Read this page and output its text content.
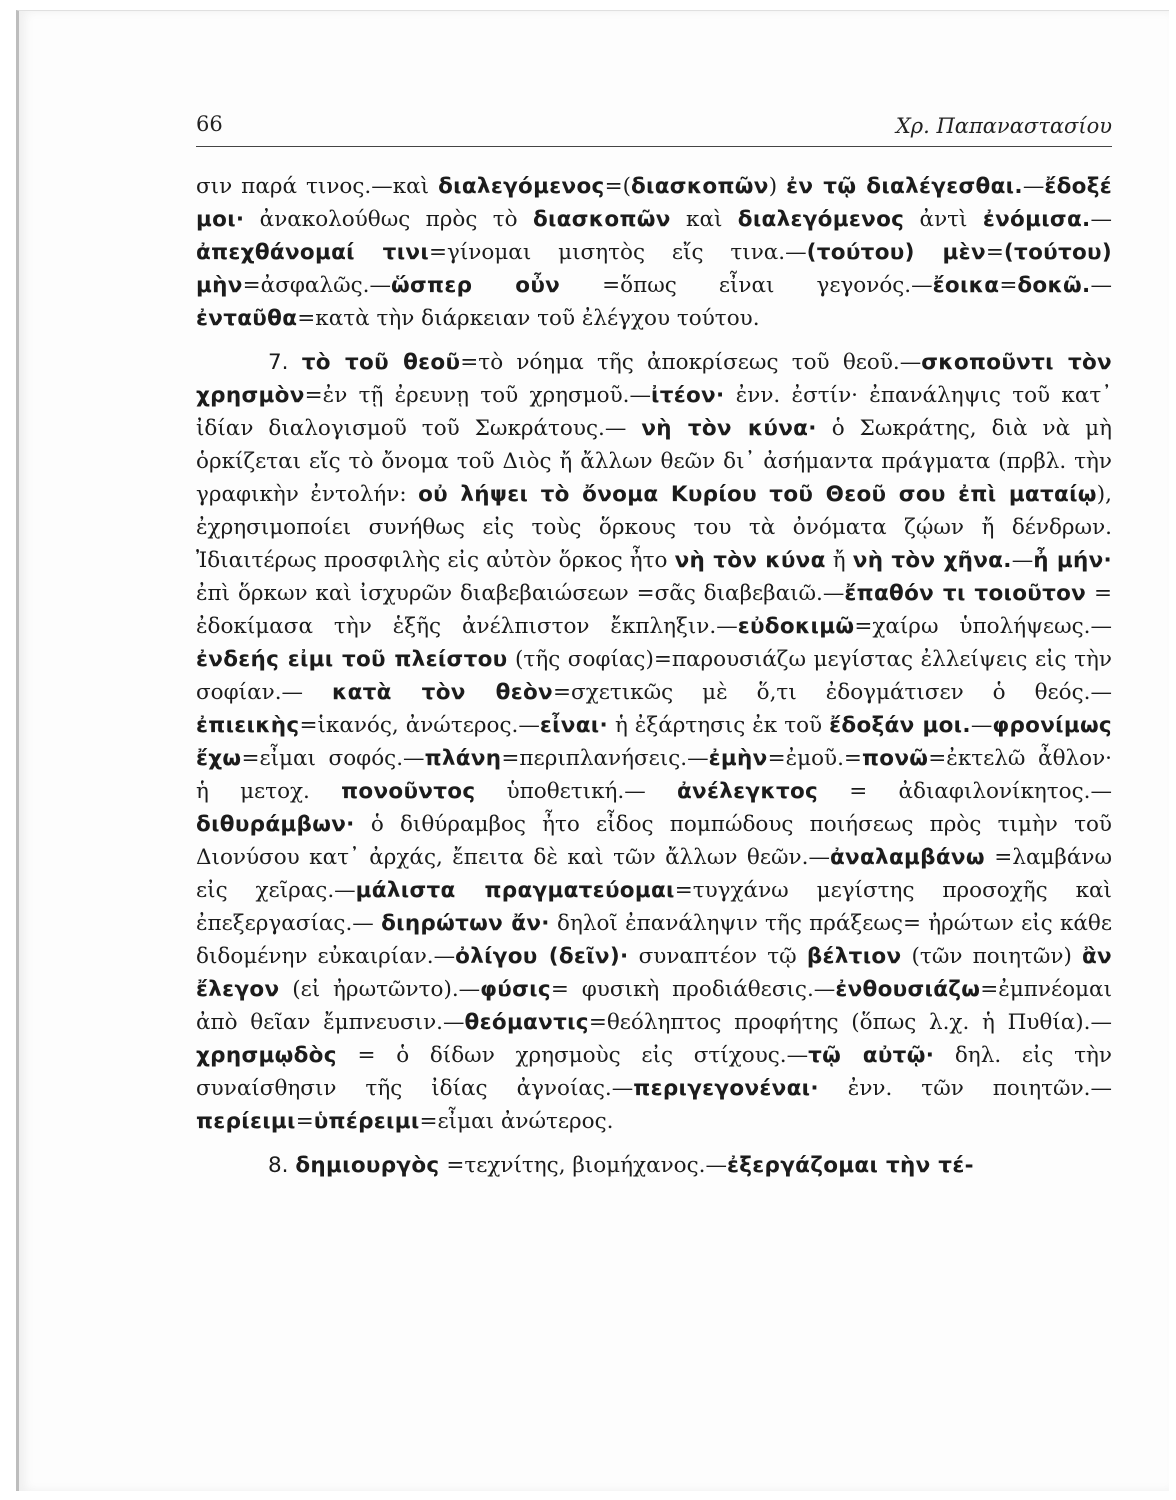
66	Χρ. Παπαναστασίου

σιν παρά τινος.—καὶ διαλεγόμενος=(διασκοπῶν) ἐν τῷ διαλέγεσθαι.—ἔδοξέ μοι· ἀνακολούθως πρὸς τὸ διασκοπῶν καὶ διαλεγόμενος ἀντὶ ἐνόμισα.—ἀπεχθάνομαί τινι=γίνομαι μισητὸς εἴς τινα.—(τούτου) μὲν=(τούτου) μὴν=ἀσφαλῶς.—ὥσπερ οὖν =ὅπως εἶναι γεγονός.—ἔοικα=δοκῶ.—ἐνταῦθα=κατὰ τὴν διάρκειαν τοῦ ἐλέγχου τούτου.

7. τὸ τοῦ θεοῦ=τὸ νόημα τῆς ἀποκρίσεως τοῦ θεοῦ.—σκοποῦντι τὸν χρησμὸν=ἐν τῇ ἐρευνῃ τοῦ χρησμοῦ.—ἰτέον· ἐνν. ἐστίν· ἐπανάληψις τοῦ κατ᾽ ἰδίαν διαλογισμοῦ τοῦ Σωκράτους.— νὴ τὸν κύνα· ὁ Σωκράτης, διὰ νὰ μὴ ὁρκίζεται εἴς τὸ ὄνομα τοῦ Διὸς ἤ ἄλλων θεῶν δι᾽ ἀσήμαντα πράγματα (πρβλ. τὴν γραφικὴν ἐντολήν: οὐ λήψει τὸ ὄνομα Κυρίου τοῦ Θεοῦ σου ἐπὶ ματαίῳ), ἐχρησιμοποίει συνήθως εἰς τοὺς ὅρκους του τὰ ὀνόματα ζῴων ἤ δένδρων. Ἰδιαιτέρως προσφιλὴς εἰς αὐτὸν ὅρκος ἦτο νὴ τὸν κύνα ἤ νὴ τὸν χῆνα.—ἦ μήν· ἐπὶ ὅρκων καὶ ἰσχυρῶν διαβεβαιώσεων =σᾶς διαβεβαιῶ.—ἔπαθόν τι τοιοῦτον = ἐδοκίμασα τὴν ἑξῆς ἀνέλπιστον ἔκπληξιν.—εὐδοκιμῶ=χαίρω ὑπολήψεως.— ἐνδεής εἰμι τοῦ πλείστου (τῆς σοφίας)=παρουσιάζω μεγίστας ἐλλείψεις εἰς τὴν σοφίαν.— κατὰ τὸν θεὸν=σχετικῶς μὲ ὅ,τι ἐδογμάτισεν ὁ θεός.—ἐπιεικὴς=ἱκανός, ἀνώτερος.—εἶναι· ἡ ἐξάρτησις ἐκ τοῦ ἔδοξάν μοι.—φρονίμως ἔχω=εἶμαι σοφός.—πλάνη=περιπλανήσεις.—ἐμὴν=ἐμοῦ.=πονῶ=ἐκτελῶ ἆθλον· ἡ μετοχ. πονοῦντος ὑποθετική.— ἀνέλεγκτος = ἀδιαφιλονίκητος.— διθυράμβων· ὁ διθύραμβος ἦτο εἶδος πομπώδους ποιήσεως πρὸς τιμὴν τοῦ Διονύσου κατ᾽ ἀρχάς, ἔπειτα δὲ καὶ τῶν ἄλλων θεῶν.—ἀναλαμβάνω =λαμβάνω εἰς χεῖρας.—μάλιστα πραγματεύομαι=τυγχάνω μεγίστης προσοχῆς καὶ ἐπεξεργασίας.— διηρώτων ἄν· δηλοῖ ἐπανάληψιν τῆς πράξεως= ἠρώτων εἰς κάθε διδομένην εὐκαιρίαν.—ὀλίγου (δεῖν)· συναπτέον τῷ βέλτιον (τῶν ποιητῶν) ἂν ἔλεγον (εἰ ἠρωτῶντο).—φύσις= φυσικὴ προδιάθεσις.—ἐνθουσιάζω=ἐμπνέομαι ἀπὸ θεῖαν ἔμπνευσιν.—θεόμαντις=θεόληπτος προφήτης (ὅπως λ.χ. ἡ Πυθία).—χρησμῳδὸς = ὁ δίδων χρησμοὺς εἰς στίχους.—τῷ αὐτῷ· δηλ. εἰς τὴν συναίσθησιν τῆς ἰδίας ἀγνοίας.—περιγεγονέναι· ἐνν. τῶν ποιητῶν.—περίειμι=ὑπέρειμι=εἶμαι ἀνώτερος.

8. δημιουργὸς =τεχνίτης, βιομήχανος.—ἐξεργάζομαι τὴν τέ-
